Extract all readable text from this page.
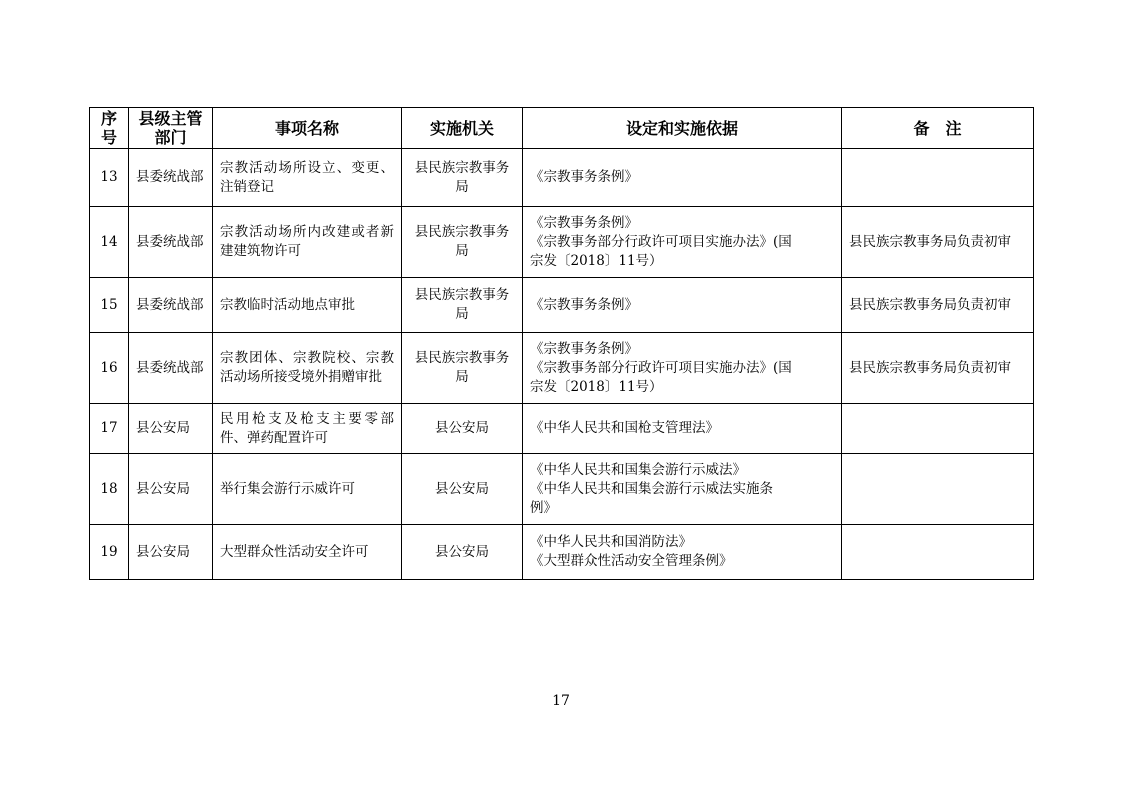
序号	县级主管部门	事项名称	实施机关	设定和实施依据	备　注
13	县委统战部	宗教活动场所设立、变更、注销登记	县民族宗教事务局	《宗教事务条例》	

14	县委统战部	宗教活动场所内改建或者新建建筑物许可	县民族宗教事务局	《宗教事务条例》
《宗教事务部分行政许可项目实施办法》(国
宗发〔2018〕11号）	县民族宗教事务局负责初审
15	县委统战部	宗教临时活动地点审批	县民族宗教事务局	《宗教事务条例》	县民族宗教事务局负责初审
16	县委统战部	宗教团体、宗教院校、宗教活动场所接受境外捐赠审批	县民族宗教事务局	《宗教事务条例》
《宗教事务部分行政许可项目实施办法》(国
宗发〔2018〕11号）	县民族宗教事务局负责初审
17	县公安局	民用枪支及枪支主要零部件、弹药配置许可	县公安局	《中华人民共和国枪支管理法》	

18	县公安局	举行集会游行示威许可	县公安局	《中华人民共和国集会游行示威法》
《中华人民共和国集会游行示威法实施条
例》	

19	县公安局	大型群众性活动安全许可	县公安局	《中华人民共和国消防法》
《大型群众性活动安全管理条例》	

17
